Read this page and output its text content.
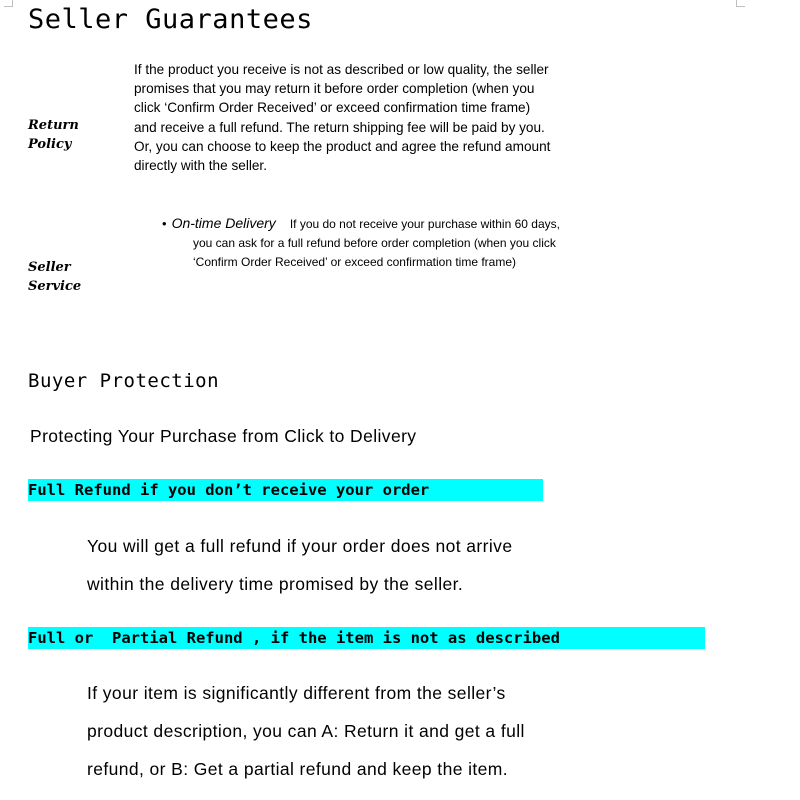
Seller Guarantees
Return
Policy
If the product you receive is not as described or low quality, the seller
promises that you may return it before order completion (when you
click ‘Confirm Order Received’ or exceed confirmation time frame)
and receive a full refund. The return shipping fee will be paid by you.
Or, you can choose to keep the product and agree the refund amount
directly with the seller.
Seller
Service
• On-time Delivery If you do not receive your purchase within 60 days,
you can ask for a full refund before order completion (when you click
‘Confirm Order Received’ or exceed confirmation time frame)
Buyer Protection

Protecting Your Purchase from Click to Delivery

Full Refund if you don’t receive your order
You will get a full refund if your order does not arrive
within the delivery time promised by the seller.
Full or  Partial Refund , if the item is not as described
If your item is significantly different from the seller’s
product description, you can A: Return it and get a full
refund, or B: Get a partial refund and keep the item.
